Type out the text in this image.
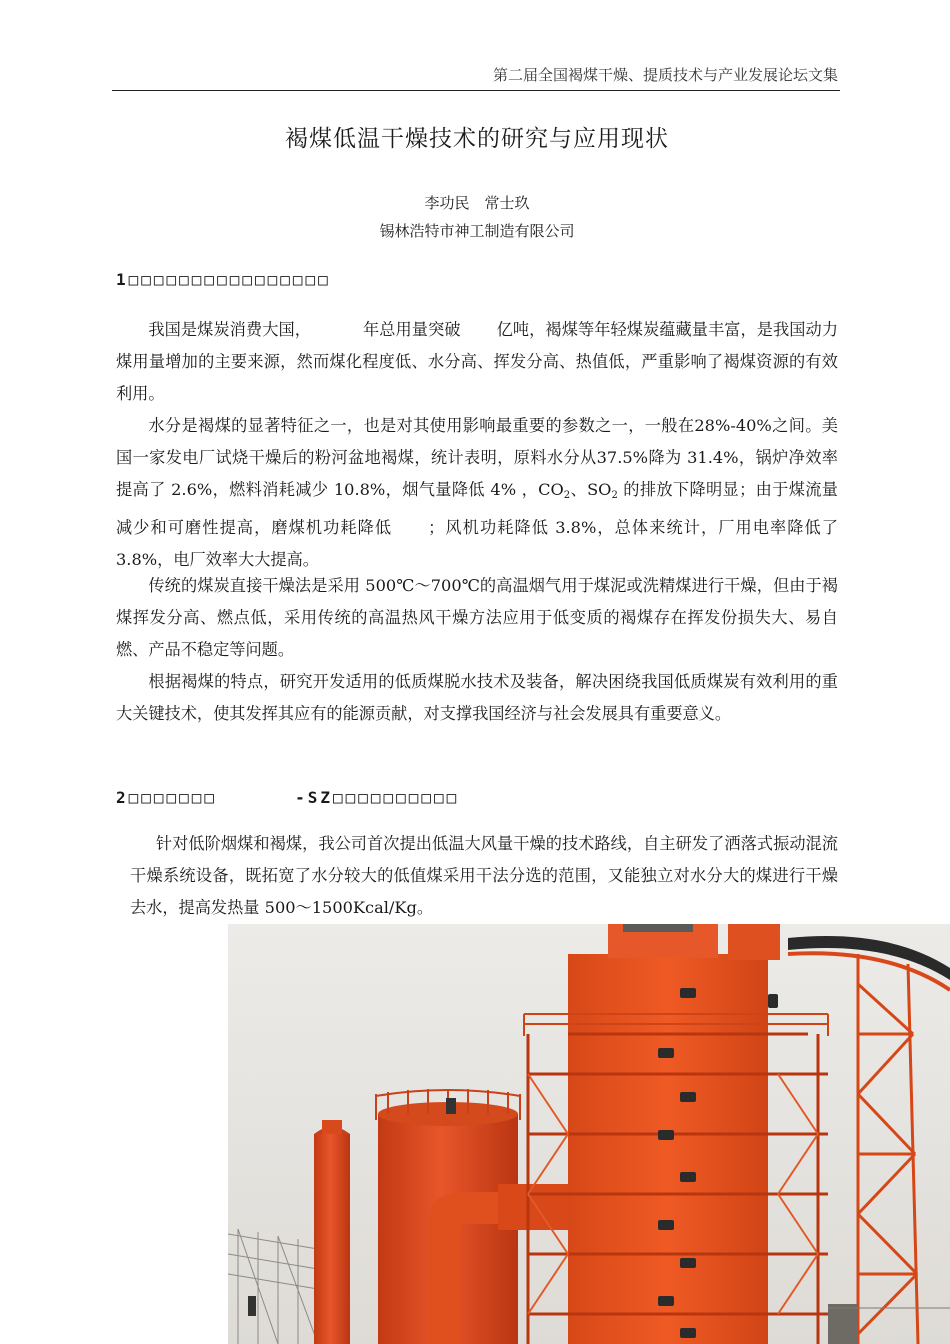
第二届全国褐煤干燥、提质技术与产业发展论坛文集
褐煤低温干燥技术的研究与应用现状
李功民　常士玖
锡林浩特市神工制造有限公司
1□□□□□□□□□□□□□□□□
我国是煤炭消费大国，	年总用量突破 亿吨，褐煤等年轻煤炭蕴藏量丰富，是我国动力煤用量增加的主要来源，然而煤化程度低、水分高、挥发分高、热值低，严重影响了褐煤资源的有效利用。
水分是褐煤的显著特征之一，也是对其使用影响最重要的参数之一，一般在28%-40%之间。美国一家发电厂试烧干燥后的粉河盆地褐煤，统计表明，原料水分从37.5%降为 31.4%，锅炉净效率提高了 2.6%，燃料消耗减少 10.8%，烟气量降低 4% ，$CO_2$、$SO_2$ 的排放下降明显；由于煤流量减少和可磨性提高，磨煤机功耗降低 ；风机功耗降低 3.8%，总体来统计，厂用电率降低了 3.8%，电厂效率大大提高。
传统的煤炭直接干燥法是采用 500℃～700℃的高温烟气用于煤泥或洗精煤进行干燥，但由于褐煤挥发分高、燃点低，采用传统的高温热风干燥方法应用于低变质的褐煤存在挥发份损失大、易自燃、产品不稳定等问题。
根据褐煤的特点，研究开发适用的低质煤脱水技术及装备，解决困绕我国低质煤炭有效利用的重大关键技术，使其发挥其应有的能源贡献，对支撑我国经济与社会发展具有重要意义。
2□□□□□□□	-SZ□□□□□□□□□□
针对低阶烟煤和褐煤，我公司首次提出低温大风量干燥的技术路线，自主研发了洒落式振动混流干燥系统设备，既拓宽了水分较大的低值煤采用干法分选的范围，又能独立对水分大的煤进行干燥去水，提高发热量 500～1500Kcal/Kg。
